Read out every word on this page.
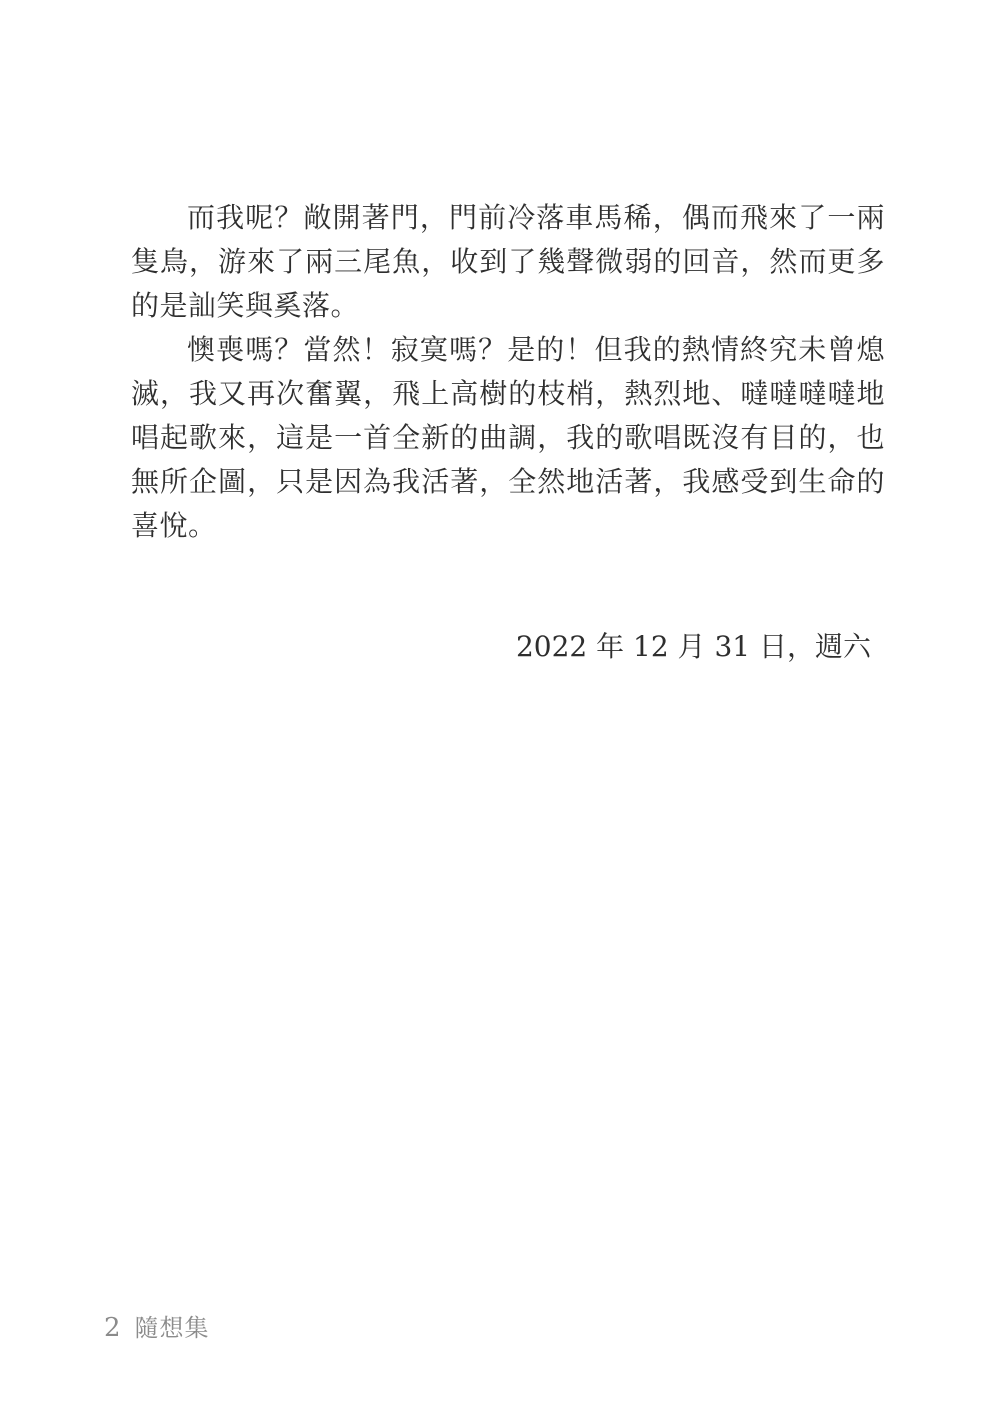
而我呢？敞開著門，門前冷落車馬稀，偶而飛來了一兩隻鳥，游來了兩三尾魚，收到了幾聲微弱的回音，然而更多的是訕笑與奚落。

懊喪嗎？當然！寂寞嗎？是的！但我的熱情終究未曾熄滅，我又再次奮翼，飛上高樹的枝梢，熱烈地、噠噠噠噠地唱起歌來，這是一首全新的曲調，我的歌唱既沒有目的，也無所企圖，只是因為我活著，全然地活著，我感受到生命的喜悅。

2022 年 12 月 31 日，週六
2 隨想集
